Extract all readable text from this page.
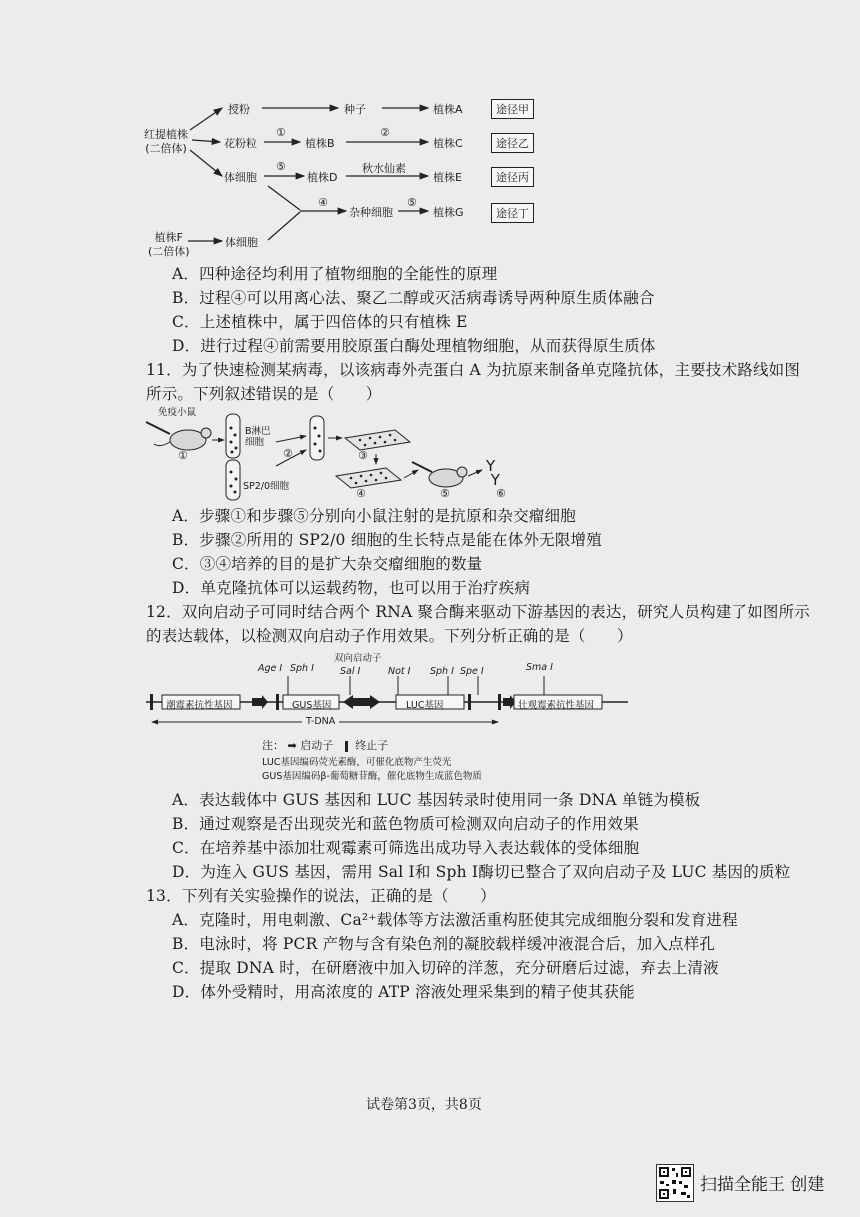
红提植株
(二倍体)
植株F
(二倍体)
授粉	种子	植株A
花粉粒
①
植株B
②
植株C
体细胞
⑤
植株D
秋水仙素
植株E
④
杂种细胞
⑤
植株G
体细胞
途径甲
途径乙
途径丙
途径丁
A．四种途径均利用了植物细胞的全能性的原理
B．过程④可以用离心法、聚乙二醇或灭活病毒诱导两种原生质体融合
C．上述植株中，属于四倍体的只有植株 E
D．进行过程④前需要用胶原蛋白酶处理植物细胞，从而获得原生质体
11．为了快速检测某病毒，以该病毒外壳蛋白 A 为抗原来制备单克隆抗体，主要技术路线如图
所示。下列叙述错误的是（　　）
免疫小鼠
①
B淋巴
细胞
②
SP2/0细胞
③
④	⑤
Y
Y
⑥
A．步骤①和步骤⑤分别向小鼠注射的是抗原和杂交瘤细胞
B．步骤②所用的 SP2/0 细胞的生长特点是能在体外无限增殖
C．③④培养的目的是扩大杂交瘤细胞的数量
D．单克隆抗体可以运载药物，也可以用于治疗疾病
12．双向启动子可同时结合两个 RNA 聚合酶来驱动下游基因的表达，研究人员构建了如图所示
的表达载体，以检测双向启动子作用效果。下列分析正确的是（　　）
双向启动子
Age Ⅰ Sph Ⅰ	Sal Ⅰ	Not Ⅰ Sph Ⅰ Spe Ⅰ	Sma Ⅰ
潮霉素抗性基因	GUS基因	LUC基因	壮观霉素抗性基因
T-DNA
注： ➡ 启动子 终止子
LUC基因编码荧光素酶，可催化底物产生荧光
GUS基因编码β-葡萄糖苷酶，催化底物生成蓝色物质
A．表达载体中 GUS 基因和 LUC 基因转录时使用同一条 DNA 单链为模板
B．通过观察是否出现荧光和蓝色物质可检测双向启动子的作用效果
C．在培养基中添加壮观霉素可筛选出成功导入表达载体的受体细胞
D．为连入 GUS 基因，需用 Sal Ⅰ和 Sph Ⅰ酶切已整合了双向启动子及 LUC 基因的质粒
13．下列有关实验操作的说法，正确的是（　　）
A．克隆时，用电刺激、Ca²⁺载体等方法激活重构胚使其完成细胞分裂和发育进程
B．电泳时，将 PCR 产物与含有染色剂的凝胶载样缓冲液混合后，加入点样孔
C．提取 DNA 时，在研磨液中加入切碎的洋葱，充分研磨后过滤，弃去上清液
D．体外受精时，用高浓度的 ATP 溶液处理采集到的精子使其获能
试卷第3页，共8页
扫描全能王 创建
